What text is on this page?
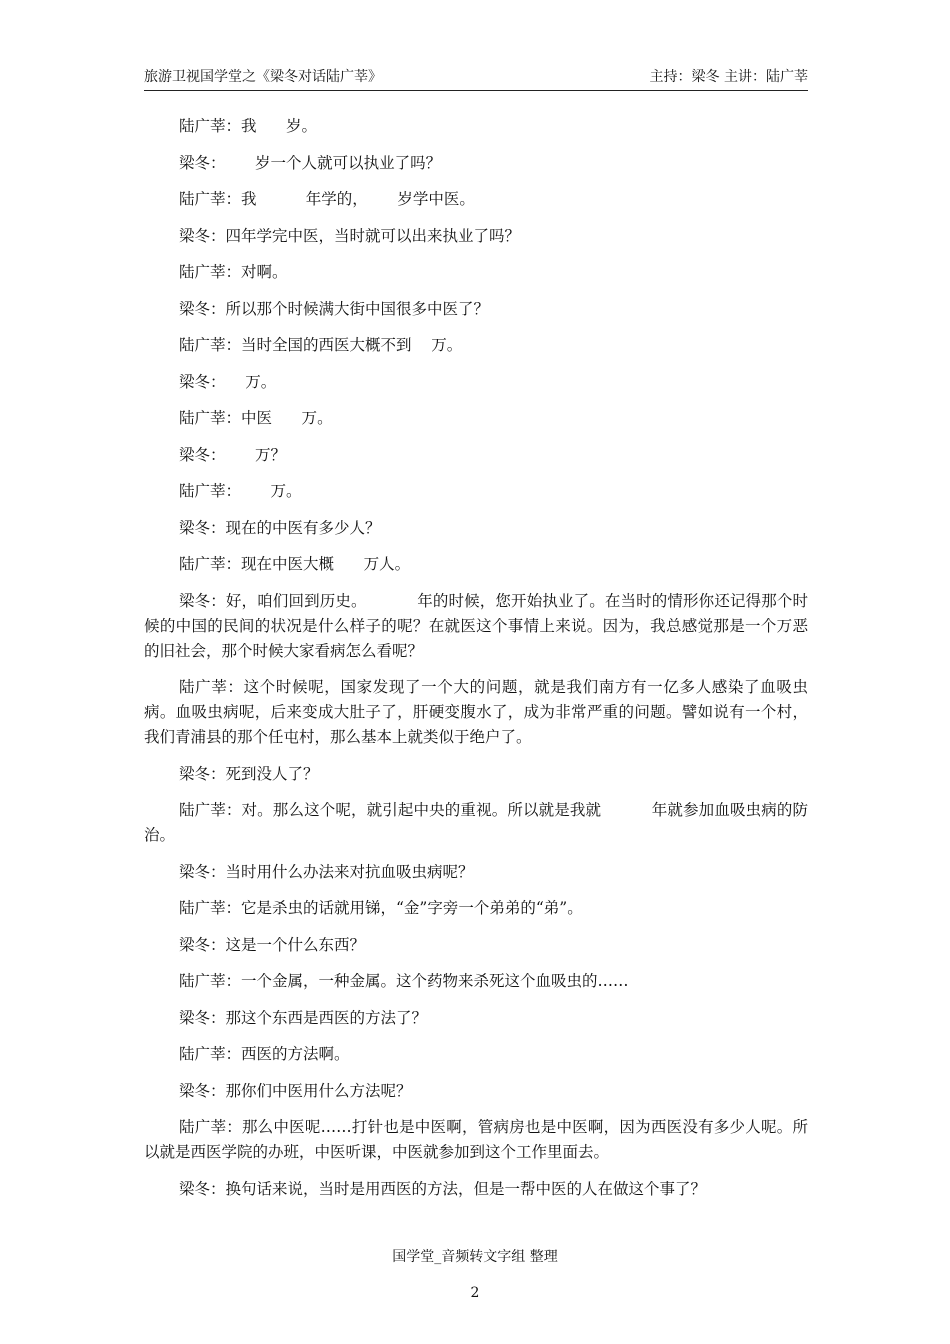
旅游卫视国学堂之《梁冬对话陆广莘》	主持：梁冬 主讲：陆广莘

陆广莘：我      岁。

梁冬：      岁一个人就可以执业了吗？

陆广莘：我          年学的，      岁学中医。

梁冬：四年学完中医，当时就可以出来执业了吗？

陆广莘：对啊。

梁冬：所以那个时候满大街中国很多中医了？

陆广莘：当时全国的西医大概不到    万。

梁冬：    万。

陆广莘：中医      万。

梁冬：      万？

陆广莘：      万。

梁冬：现在的中医有多少人？

陆广莘：现在中医大概      万人。

梁冬：好，咱们回到历史。          年的时候，您开始执业了。在当时的情形你还记得那个时候的中国的民间的状况是什么样子的呢？在就医这个事情上来说。因为，我总感觉那是一个万恶的旧社会，那个时候大家看病怎么看呢？

陆广莘：这个时候呢，国家发现了一个大的问题，就是我们南方有一亿多人感染了血吸虫病。血吸虫病呢，后来变成大肚子了，肝硬变腹水了，成为非常严重的问题。譬如说有一个村，我们青浦县的那个任屯村，那么基本上就类似于绝户了。

梁冬：死到没人了？

陆广莘：对。那么这个呢，就引起中央的重视。所以就是我就          年就参加血吸虫病的防治。

梁冬：当时用什么办法来对抗血吸虫病呢？

陆广莘：它是杀虫的话就用锑，“金”字旁一个弟弟的“弟”。

梁冬：这是一个什么东西？

陆广莘：一个金属，一种金属。这个药物来杀死这个血吸虫的……

梁冬：那这个东西是西医的方法了？

陆广莘：西医的方法啊。

梁冬：那你们中医用什么方法呢？

陆广莘：那么中医呢……打针也是中医啊，管病房也是中医啊，因为西医没有多少人呢。所以就是西医学院的办班，中医听课，中医就参加到这个工作里面去。

梁冬：换句话来说，当时是用西医的方法，但是一帮中医的人在做这个事了？

国学堂_音频转文字组 整理
2
